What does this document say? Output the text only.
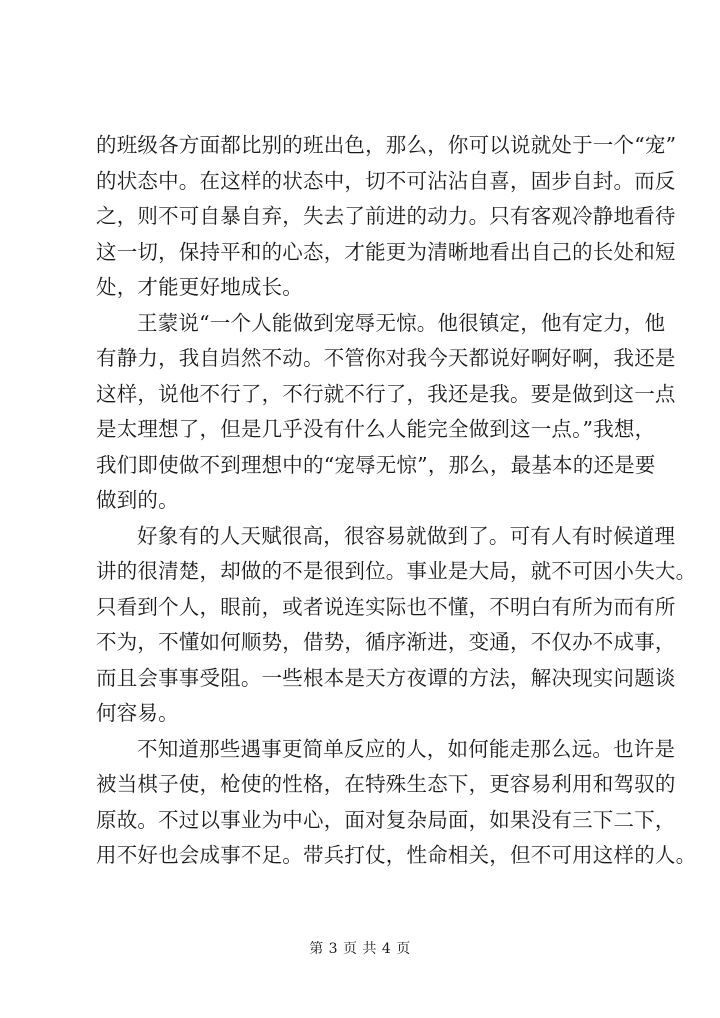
的班级各方面都比别的班出色，那么，你可以说就处于一个“宠”
的状态中。在这样的状态中，切不可沾沾自喜，固步自封。而反
之，则不可自暴自弃，失去了前进的动力。只有客观冷静地看待
这一切，保持平和的心态，才能更为清晰地看出自己的长处和短
处，才能更好地成长。
王蒙说“一个人能做到宠辱无惊。他很镇定，他有定力，他
有静力，我自岿然不动。不管你对我今天都说好啊好啊，我还是
这样，说他不行了，不行就不行了，我还是我。要是做到这一点
是太理想了，但是几乎没有什么人能完全做到这一点。”我想，
我们即使做不到理想中的“宠辱无惊”，那么，最基本的还是要
做到的。
好象有的人天赋很高，很容易就做到了。可有人有时候道理
讲的很清楚，却做的不是很到位。事业是大局，就不可因小失大。
只看到个人，眼前，或者说连实际也不懂，不明白有所为而有所
不为，不懂如何顺势，借势，循序渐进，变通，不仅办不成事，
而且会事事受阻。一些根本是天方夜谭的方法，解决现实问题谈
何容易。
不知道那些遇事更简单反应的人，如何能走那么远。也许是
被当棋子使，枪使的性格，在特殊生态下，更容易利用和驾驭的
原故。不过以事业为中心，面对复杂局面，如果没有三下二下，
用不好也会成事不足。带兵打仗，性命相关，但不可用这样的人。
第 3 页 共 4 页
